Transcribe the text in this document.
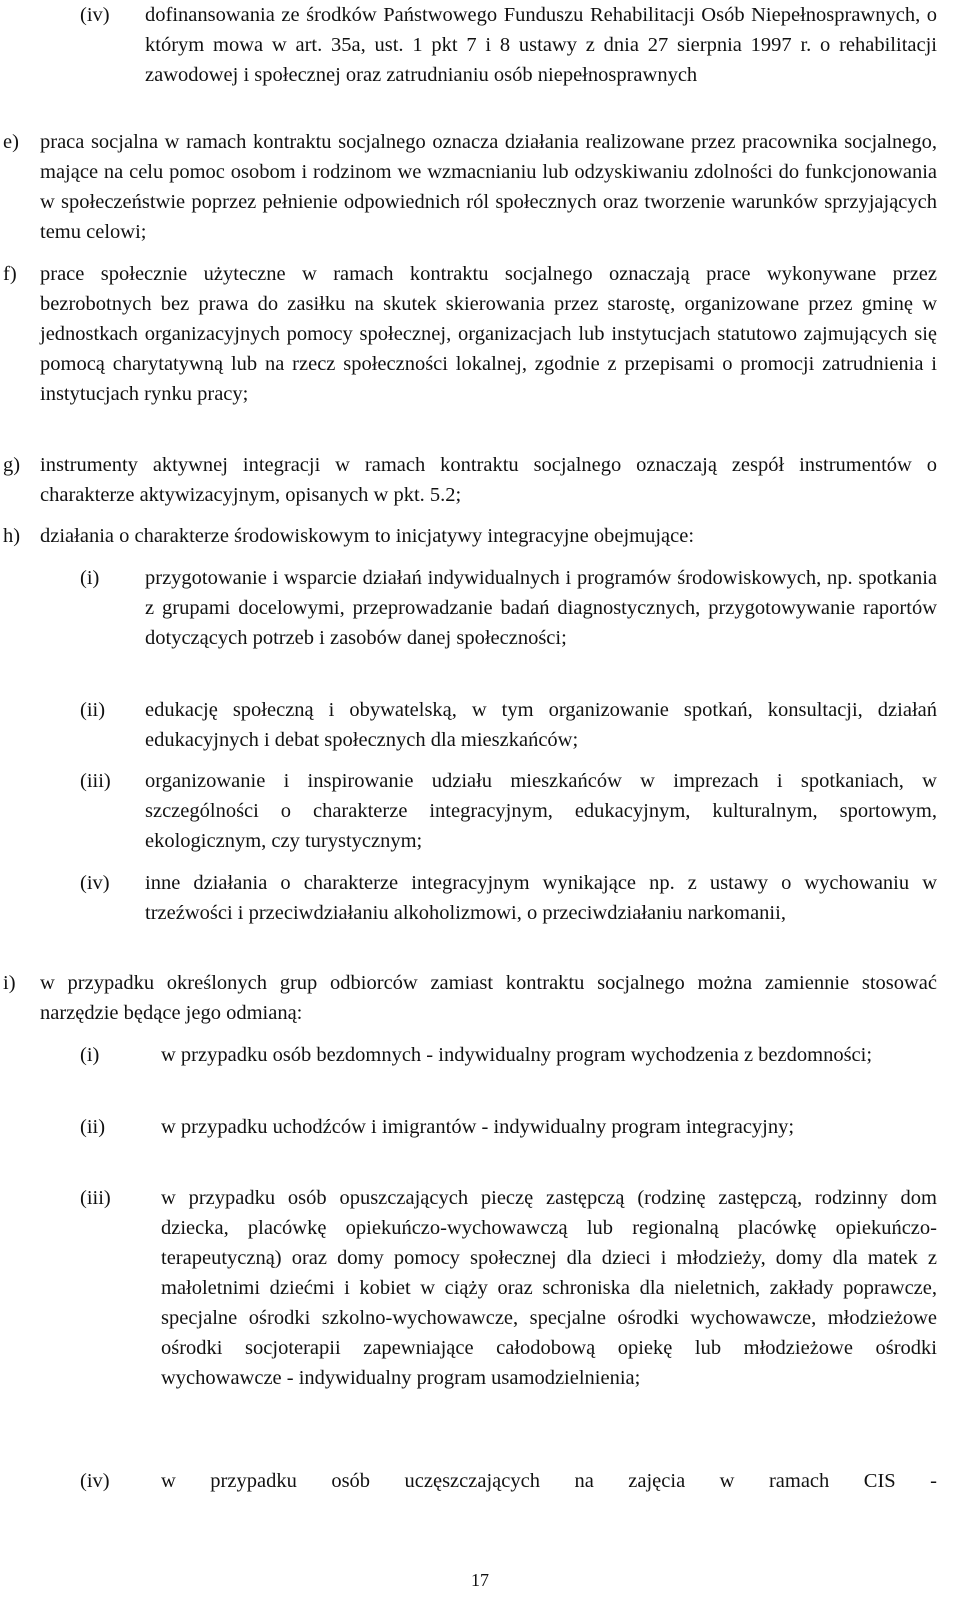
(iv) dofinansowania ze środków Państwowego Funduszu Rehabilitacji Osób Niepełnosprawnych, o którym mowa w art. 35a, ust. 1 pkt 7 i 8 ustawy z dnia 27 sierpnia 1997 r. o rehabilitacji zawodowej i społecznej oraz zatrudnianiu osób niepełnosprawnych
e) praca socjalna w ramach kontraktu socjalnego oznacza działania realizowane przez pracownika socjalnego, mające na celu pomoc osobom i rodzinom we wzmacnianiu lub odzyskiwaniu zdolności do funkcjonowania w społeczeństwie poprzez pełnienie odpowiednich ról społecznych oraz tworzenie warunków sprzyjających temu celowi;
f) prace społecznie użyteczne w ramach kontraktu socjalnego oznaczają prace wykonywane przez bezrobotnych bez prawa do zasiłku na skutek skierowania przez starostę, organizowane przez gminę w jednostkach organizacyjnych pomocy społecznej, organizacjach lub instytucjach statutowo zajmujących się pomocą charytatywną lub na rzecz społeczności lokalnej, zgodnie z przepisami o promocji zatrudnienia i instytucjach rynku pracy;
g) instrumenty aktywnej integracji w ramach kontraktu socjalnego oznaczają zespół instrumentów o charakterze aktywizacyjnym, opisanych w pkt. 5.2;
h) działania o charakterze środowiskowym to inicjatywy integracyjne obejmujące:
(i) przygotowanie i wsparcie działań indywidualnych i programów środowiskowych, np. spotkania z grupami docelowymi, przeprowadzanie badań diagnostycznych, przygotowywanie raportów dotyczących potrzeb i zasobów danej społeczności;
(ii) edukację społeczną i obywatelską, w tym organizowanie spotkań, konsultacji, działań edukacyjnych i debat społecznych dla mieszkańców;
(iii) organizowanie i inspirowanie udziału mieszkańców w imprezach i spotkaniach, w szczególności o charakterze integracyjnym, edukacyjnym, kulturalnym, sportowym, ekologicznym, czy turystycznym;
(iv) inne działania o charakterze integracyjnym wynikające np. z ustawy o wychowaniu w trzeźwości i przeciwdziałaniu alkoholizmowi, o przeciwdziałaniu narkomanii,
i) w przypadku określonych grup odbiorców zamiast kontraktu socjalnego można zamiennie stosować narzędzie będące jego odmianą:
(i)	w przypadku osób bezdomnych - indywidualny program wychodzenia z bezdomności;
(ii)	w przypadku uchodźców i imigrantów - indywidualny program integracyjny;
(iii) w przypadku osób opuszczających pieczę zastępczą (rodzinę zastępczą, rodzinny dom dziecka, placówkę opiekuńczo-wychowawczą lub regionalną placówkę opiekuńczo-terapeutyczną) oraz domy pomocy społecznej dla dzieci i młodzieży, domy dla matek z małoletnimi dziećmi i kobiet w ciąży oraz schroniska dla nieletnich, zakłady poprawcze, specjalne ośrodki szkolno-wychowawcze, specjalne ośrodki wychowawcze, młodzieżowe ośrodki socjoterapii zapewniające całodobową opiekę lub młodzieżowe ośrodki wychowawcze - indywidualny program usamodzielnienia;
(iv)	w przypadku osób uczęszczających na zajęcia w ramach CIS -
17
